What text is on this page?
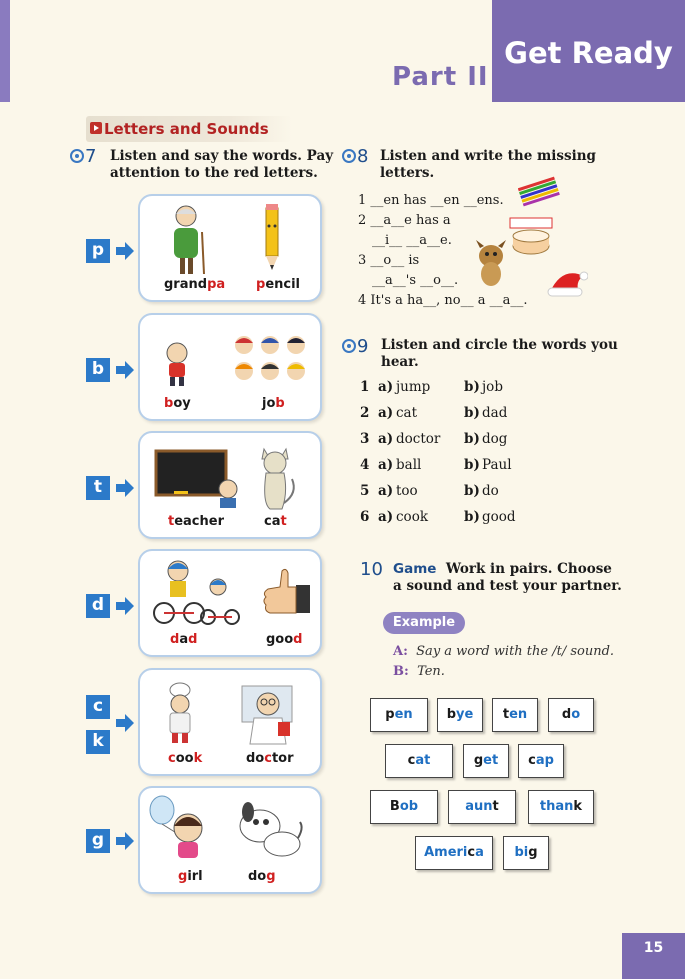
Get Ready
Part II
Letters and Sounds
7 Listen and say the words. Pay
attention to the red letters.
p
b
t
d
c
k
g
grandpa pencil
boy	job
teacher	cat
dad	good
cook	doctor
girl	dog
8 Listen and write the missing
letters.
1 __en has __en __ens.
2 __a__e has a
__i__ __a__e.
3 __o__ is
__a__'s __o__.
4 It's a ha__, no__ a __a__.
9 Listen and circle the words you
hear.
1 a) jump b) job
2 a) cat	b) dad
3 a) doctor b) dog
4 a) ball	b) Paul
5 a) too	b) do
6 a) cook	b) good
10 Game Work in pairs. Choose
a sound and test your partner.
Example
A: Say a word with the /t/ sound.
B: Ten.
pen	bye	ten	do
cat	get	cap
Bob	aunt	thank
America	big
15
